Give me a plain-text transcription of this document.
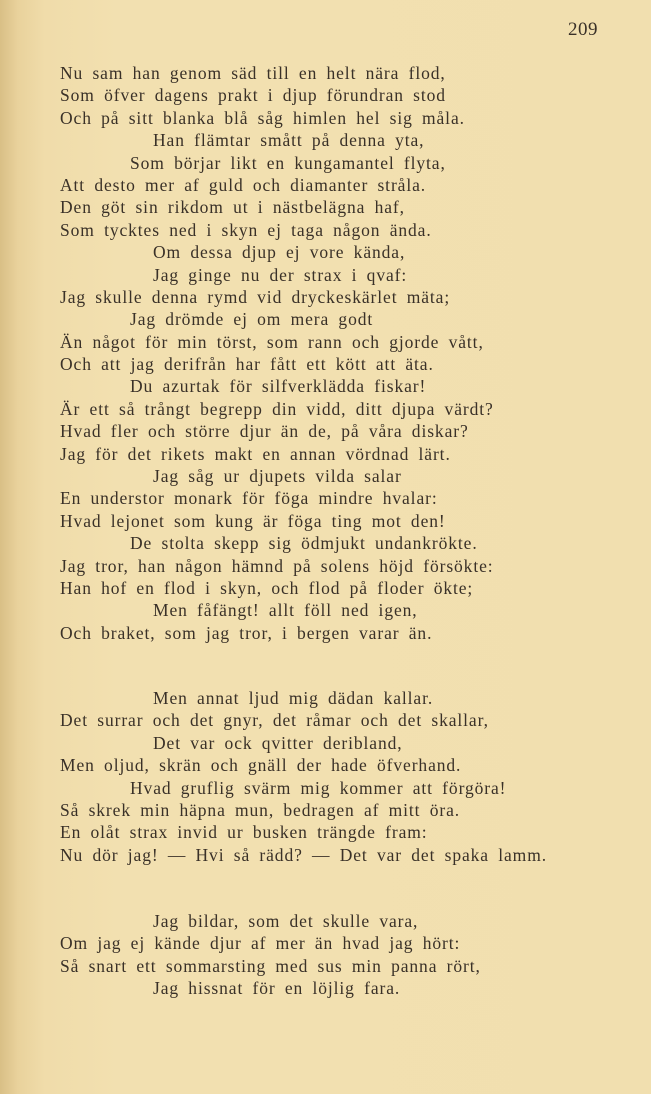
209
Nu sam han genom säd till en helt nära flod,
Som öfver dagens prakt i djup förundran stod
Och på sitt blanka blå såg himlen hel sig måla.
Han flämtar smått på denna yta,
Som börjar likt en kungamantel flyta,
Att desto mer af guld och diamanter stråla.
Den göt sin rikdom ut i nästbelägna haf,
Som tycktes ned i skyn ej taga någon ända.
Om dessa djup ej vore kända,
Jag ginge nu der strax i qvaf:
Jag skulle denna rymd vid dryckeskärlet mäta;
Jag drömde ej om mera godt
Än något för min törst, som rann och gjorde vått,
Och att jag derifrån har fått ett kött att äta.
Du azurtak för silfverklädda fiskar!
Är ett så trångt begrepp din vidd, ditt djupa värdt?
Hvad fler och större djur än de, på våra diskar?
Jag för det rikets makt en annan vördnad lärt.
Jag såg ur djupets vilda salar
En understor monark för föga mindre hvalar:
Hvad lejonet som kung är föga ting mot den!
De stolta skepp sig ödmjukt undankrökte.
Jag tror, han någon hämnd på solens höjd försökte:
Han hof en flod i skyn, och flod på floder ökte;
Men fåfängt! allt föll ned igen,
Och braket, som jag tror, i bergen varar än.
Men annat ljud mig dädan kallar.
Det surrar och det gnyr, det råmar och det skallar,
Det var ock qvitter deribland,
Men oljud, skrän och gnäll der hade öfverhand.
Hvad gruflig svärm mig kommer att förgöra!
Så skrek min häpna mun, bedragen af mitt öra.
En olåt strax invid ur busken trängde fram:
Nu dör jag! — Hvi så rädd? — Det var det spaka lamm.
Jag bildar, som det skulle vara,
Om jag ej kände djur af mer än hvad jag hört:
Så snart ett sommarsting med sus min panna rört,
Jag hissnat för en löjlig fara.
